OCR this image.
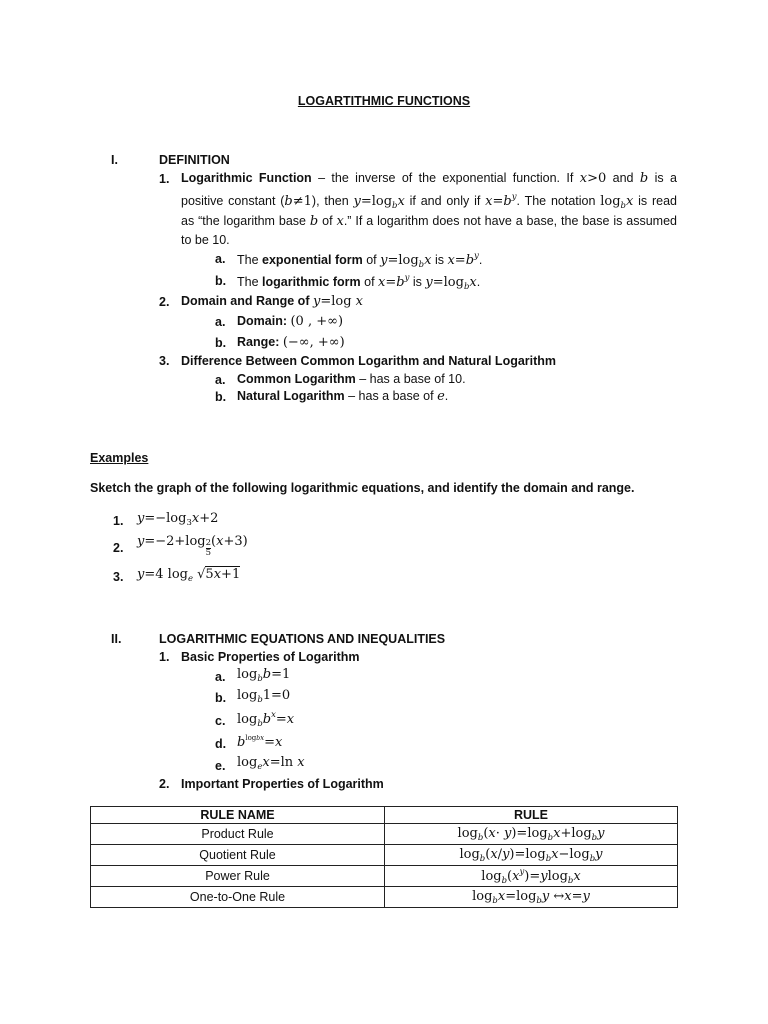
LOGARTITHMIC FUNCTIONS
I.	DEFINITION
1. Logarithmic Function – the inverse of the exponential function. If x>0 and b is a
positive constant (b≠1), then $y=\log_bx$ if and only if $x=b^y$. The notation $\log_bx$ is read
as “the logarithm base b of x.” If a logarithm does not have a base, the base is assumed
to be 10.
a. The exponential form of $y=\log_bx$ is $x=b^y$.
b. The logarithmic form of $x=b^y$ is $y=\log_bx$.
2. Domain and Range of y=log x
a. Domain: (0 , +∞)
b. Range: (−∞, +∞)
3. Difference Between Common Logarithm and Natural Logarithm
a. Common Logarithm – has a base of 10.
b. Natural Logarithm – has a base of e.
Examples
Sketch the graph of the following logarithmic equations, and identify the domain and range.
1. $y=-\log_3x+2$
2. $y=-2+\log \frac{2}{5} (x+3)$
3. y=4 $\log_e √5x+1$
II.	LOGARITHMIC EQUATIONS AND INEQUALITIES
1. Basic Properties of Logarithm
a. $\log_bb=1$
b. $\log_b1=0$
c. $\log_bb^x=x$
d. $b^{logbx}=x$
e. $\log_ex=\ln$ x
2. Important Properties of Logarithm
RULE NAME	RULE
Product Rule	$\log_b(x\cdot y)=\log_bx+\log_by$
Quotient Rule	$\log_b(x/y)=\log_bx-\log_by$
Power Rule	$\log_b(x^y)=ylog_bx$
One-to-One Rule	$\log_bx=\log_by$ ↔x=y
